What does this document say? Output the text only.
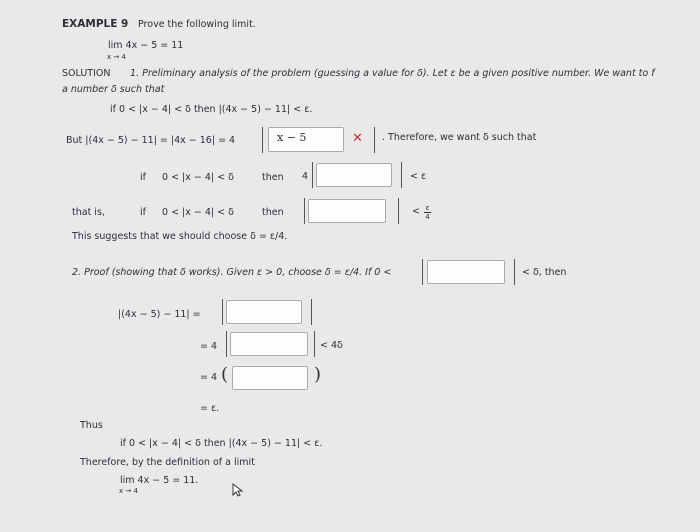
EXAMPLE 9 Prove the following limit.
lim 4x − 5 = 11
x → 4
SOLUTION 1. Preliminary analysis of the problem (guessing a value for δ). Let ε be a given positive number. We want to f
a number δ such that
if 0 < |x − 4| < δ then |(4x − 5) − 11| < ε.
But |(4x − 5) − 11| = |4x − 16| = 4	x − 5	✕ . Therefore, we want δ such that
if 0 < |x − 4| < δ	then 4	< ε
that is,	if 0 < |x − 4| < δ	then	< ε
4
This suggests that we should choose δ = ε/4.
2. Proof (showing that δ works). Given ε > 0, choose δ = ε/4. If 0 <	< δ, then
|(4x − 5) − 11| =
= 4	< 4δ
= 4 (	)
= ε.
Thus
if 0 < |x − 4| < δ then |(4x − 5) − 11| < ε.
Therefore, by the definition of a limit
lim 4x − 5 = 11.
x → 4
